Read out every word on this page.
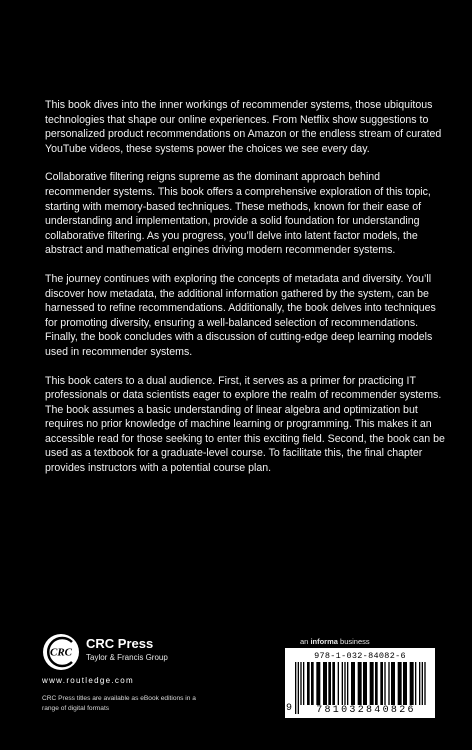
This book dives into the inner workings of recommender systems, those ubiquitous technologies that shape our online experiences. From Netflix show suggestions to personalized product recommendations on Amazon or the endless stream of curated YouTube videos, these systems power the choices we see every day.

Collaborative filtering reigns supreme as the dominant approach behind recommender systems. This book offers a comprehensive exploration of this topic, starting with memory-based techniques. These methods, known for their ease of understanding and implementation, provide a solid foundation for understanding collaborative filtering. As you progress, you’ll delve into latent factor models, the abstract and mathematical engines driving modern recommender systems.

The journey continues with exploring the concepts of metadata and diversity. You’ll discover how metadata, the additional information gathered by the system, can be harnessed to refine recommendations. Additionally, the book delves into techniques for promoting diversity, ensuring a well-balanced selection of recommendations. Finally, the book concludes with a discussion of cutting-edge deep learning models used in recommender systems.

This book caters to a dual audience. First, it serves as a primer for practicing IT professionals or data scientists eager to explore the realm of recommender systems. The book assumes a basic understanding of linear algebra and optimization but requires no prior knowledge of machine learning or programming. This makes it an accessible read for those seeking to enter this exciting field. Second, the book can be used as a textbook for a graduate-level course. To facilitate this, the final chapter provides instructors with a potential course plan.

CRC
CRC Press
Taylor & Francis Group
www.routledge.com
CRC Press titles are available as eBook editions in a range of digital formats
an informa business
978-1-032-84082-6
9	781032840826
